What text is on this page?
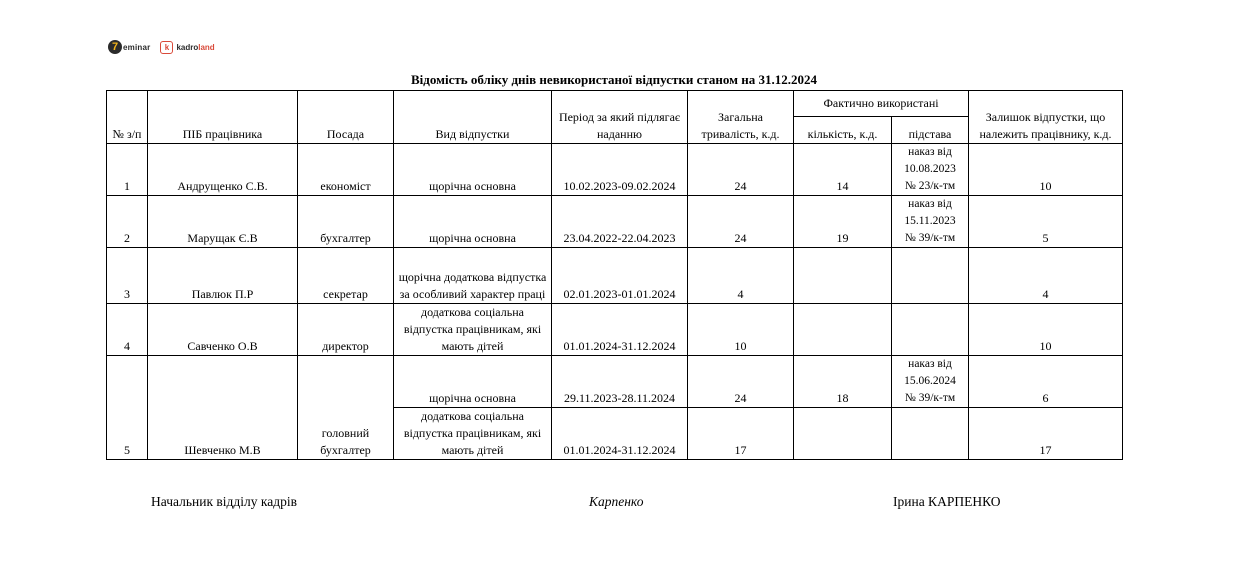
7 eminar	k kadroland
Відомість обліку днів невикористаної відпустки станом на 31.12.2024
№ з/п	ПІБ працівника	Посада	Вид відпустки	Період за який підлягає наданню	Загальна тривалість, к.д.	Фактично використані		Залишок відпустки, що належить працівнику, к.д.
						кількість, к.д.	підстава	
1	Андрущенко С.В.	економіст	щорічна основна	10.02.2023-09.02.2024	24	14	наказ від
10.08.2023
№ 23/к-тм	10
2	Марущак Є.В	бухгалтер	щорічна основна	23.04.2022-22.04.2023	24	19	наказ від
15.11.2023
№ 39/к-тм	5
3	Павлюк П.Р	секретар	щорічна додаткова відпустка за особливий характер праці	02.01.2023-01.01.2024	4			4
4	Савченко О.В	директор	додаткова соціальна відпустка працівникам, які мають дітей	01.01.2024-31.12.2024	10			10
5	Шевченко М.В	головний бухгалтер	щорічна основна	29.11.2023-28.11.2024	24	18	наказ від
15.06.2024
№ 39/к-тм	6
			додаткова соціальна відпустка працівникам, які мають дітей	01.01.2024-31.12.2024	17			17
Начальник відділу кадрів	Карпенко	Ірина КАРПЕНКО
